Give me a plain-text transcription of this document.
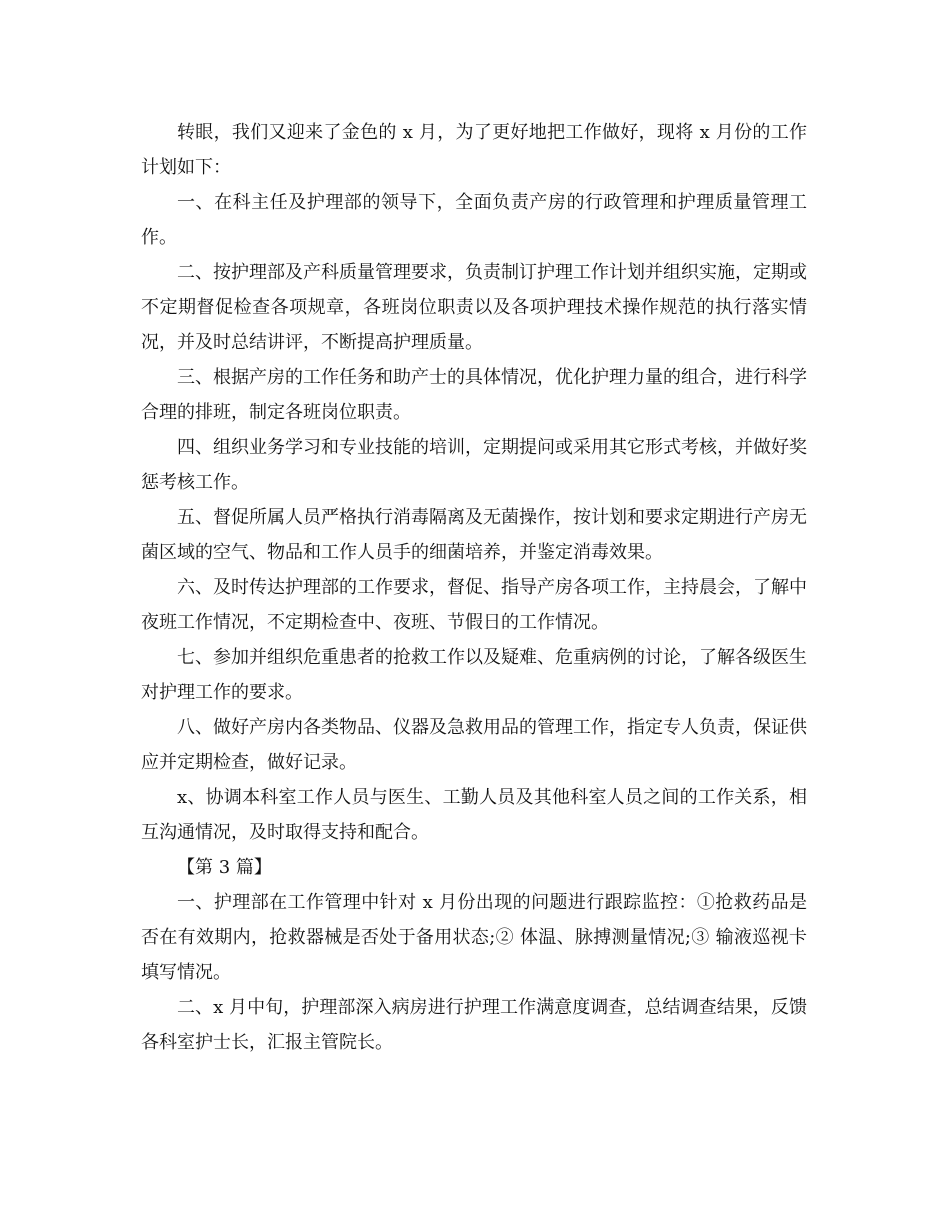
转眼，我们又迎来了金色的 x 月，为了更好地把工作做好，现将 x 月份的工作计划如下：

一、在科主任及护理部的领导下，全面负责产房的行政管理和护理质量管理工作。

二、按护理部及产科质量管理要求，负责制订护理工作计划并组织实施，定期或不定期督促检查各项规章，各班岗位职责以及各项护理技术操作规范的执行落实情况，并及时总结讲评，不断提高护理质量。

三、根据产房的工作任务和助产士的具体情况，优化护理力量的组合，进行科学合理的排班，制定各班岗位职责。

四、组织业务学习和专业技能的培训，定期提问或采用其它形式考核，并做好奖惩考核工作。

五、督促所属人员严格执行消毒隔离及无菌操作，按计划和要求定期进行产房无菌区域的空气、物品和工作人员手的细菌培养，并鉴定消毒效果。

六、及时传达护理部的工作要求，督促、指导产房各项工作，主持晨会，了解中夜班工作情况，不定期检查中、夜班、节假日的工作情况。

七、参加并组织危重患者的抢救工作以及疑难、危重病例的讨论，了解各级医生对护理工作的要求。

八、做好产房内各类物品、仪器及急救用品的管理工作，指定专人负责，保证供应并定期检查，做好记录。

x、协调本科室工作人员与医生、工勤人员及其他科室人员之间的工作关系，相互沟通情况，及时取得支持和配合。

【第 3 篇】

一、护理部在工作管理中针对 x 月份出现的问题进行跟踪监控：①抢救药品是否在有效期内，抢救器械是否处于备用状态;② 体温、脉搏测量情况;③ 输液巡视卡填写情况。

二、x 月中旬，护理部深入病房进行护理工作满意度调查，总结调查结果，反馈各科室护士长，汇报主管院长。
